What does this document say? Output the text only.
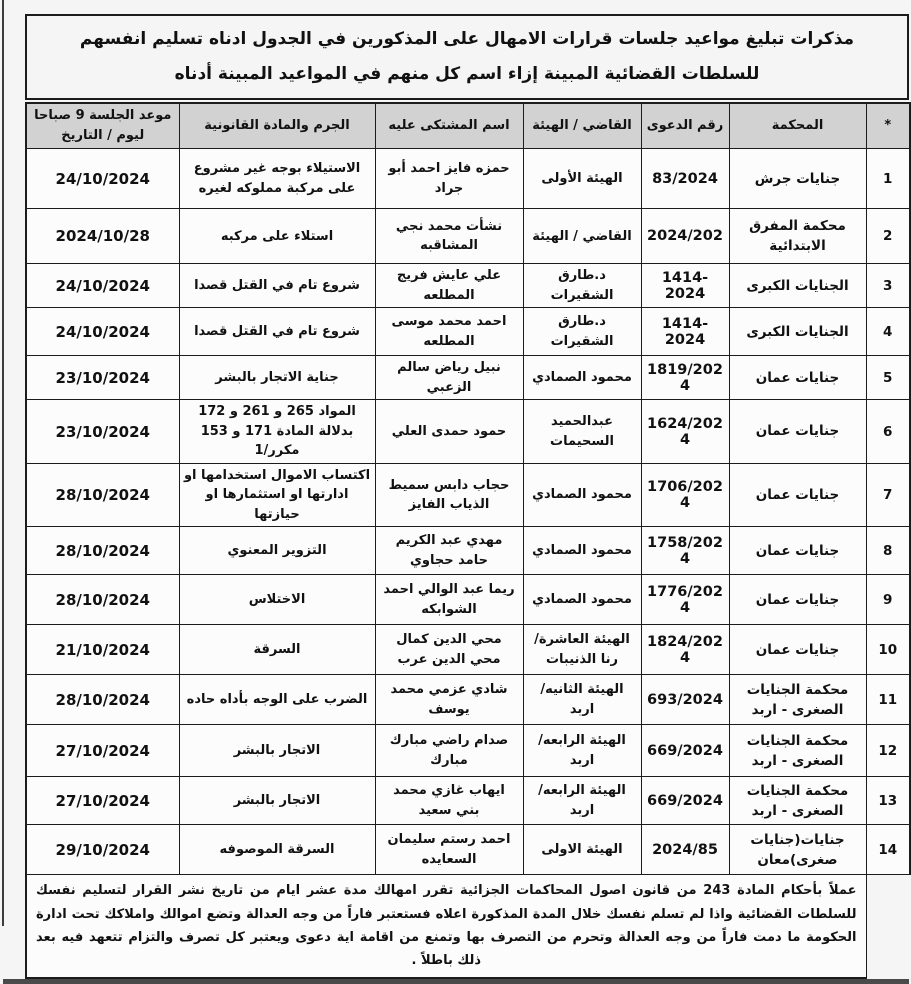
مذكرات تبليغ مواعيد جلسات قرارات الامهال على المذكورين في الجدول ادناه تسليم انفسهم للسلطات القضائية المبينة إزاء اسم كل منهم في المواعيد المبينة أدناه
*	المحكمة	رقم الدعوى	القاضي / الهيئة	اسم المشتكى عليه	الجرم والمادة القانونية	موعد الجلسة 9 صباحا
ليوم / التاريخ

1	جنايات جرش	83/2024	الهيئة الأولى	حمزه فايز احمد أبو جراد	الاستيلاء بوجه غير مشروع على مركبة مملوكه لغيره	24/10/2024
2	محكمة المفرق الابتدائية	2024/202	القاضي / الهيئة	نشأت محمد نجي المشاقبه	استلاء على مركبه	2024/10/28
3	الجنايات الكبرى	1414-2024	د.طارق الشقيرات	علي عايش فريج المطلعه	شروع تام في القتل قصدا	24/10/2024
4	الجنايات الكبرى	1414-2024	د.طارق الشقيرات	احمد محمد موسى المطلعه	شروع تام في القتل قصدا	24/10/2024
5	جنايات عمان	1819/2024	محمود الصمادي	نبيل رياض سالم الزعبي	جناية الاتجار بالبشر	23/10/2024
6	جنايات عمان	1624/2024	عبدالحميد السحيمات	حمود حمدى العلي	المواد 265 و 261 و 172 بدلالة المادة 171 و 153 مكرر/1	23/10/2024
7	جنايات عمان	1706/2024	محمود الصمادي	حجاب دابس سميط الذياب الفايز	اكتساب الاموال استخدامها او ادارتها او استثمارها او حيازتها	28/10/2024
8	جنايات عمان	1758/2024	محمود الصمادي	مهدي عبد الكريم حامد حجاوي	التزوير المعنوي	28/10/2024
9	جنايات عمان	1776/2024	محمود الصمادي	ريما عبد الوالي احمد الشوابكه	الاختلاس	28/10/2024
10	جنايات عمان	1824/2024	الهيئة العاشرة/رنا الذنيبات	محي الدين كمال محي الدين عرب	السرقة	21/10/2024
11	محكمة الجنايات الصغرى - اربد	693/2024	الهيئة الثانيه/ اربد	شادي عزمي محمد يوسف	الضرب على الوجه بأداه حاده	28/10/2024
12	محكمة الجنايات الصغرى - اربد	669/2024	الهيئة الرابعه/ اربد	صدام راضي مبارك مبارك	الاتجار بالبشر	27/10/2024
13	محكمة الجنايات الصغرى - اربد	669/2024	الهيئة الرابعه/ اربد	ايهاب غازي محمد بني سعيد	الاتجار بالبشر	27/10/2024
14	جنايات(جنايات صغرى)معان	2024/85	الهيئة الاولى	احمد رستم سليمان السعايده	السرقة الموصوفه	29/10/2024
	عملاً بأحكام المادة 243 من قانون اصول المحاكمات الجزائية تقرر امهالك مدة عشر ايام من تاريخ نشر القرار لتسليم نفسك للسلطات القضائية واذا لم تسلم نفسك خلال المدة المذكورة اعلاه فستعتبر فاراً من وجه العدالة وتضع اموالك واملاكك تحت ادارة الحكومة ما دمت فاراً من وجه العدالة وتحرم من التصرف بها وتمنع من اقامة اية دعوى ويعتبر كل تصرف والتزام تتعهد فيه بعد ذلك باطلاً .					
